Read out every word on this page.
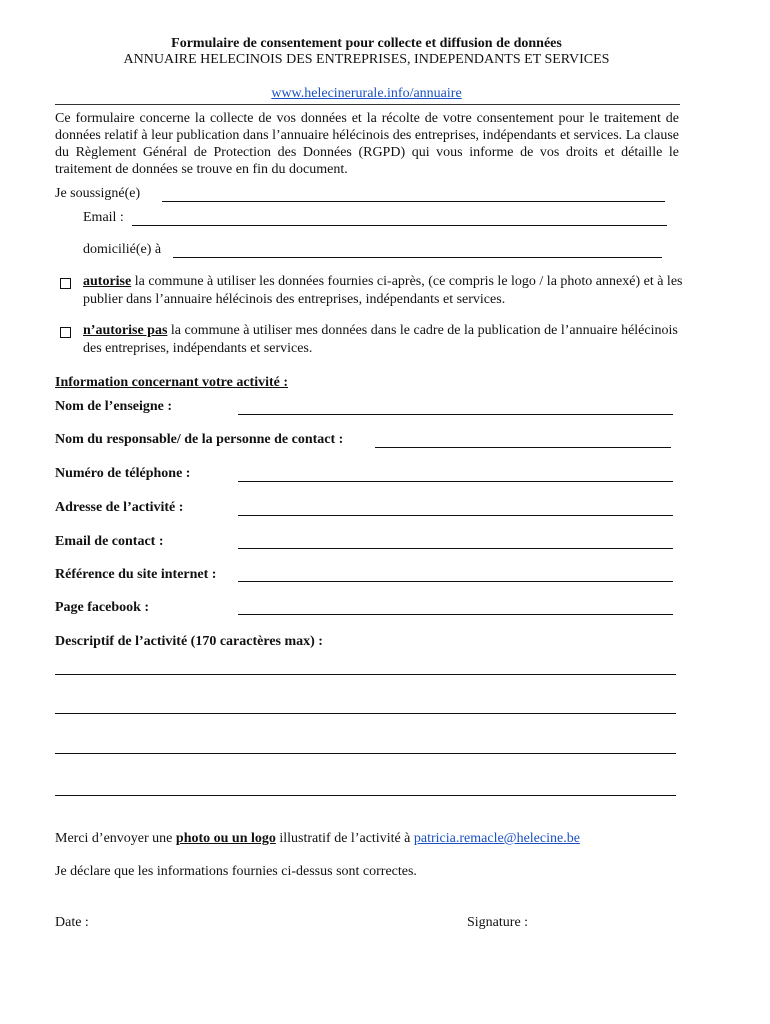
Formulaire de consentement pour collecte et diffusion de données
ANNUAIRE HELECINOIS DES ENTREPRISES, INDEPENDANTS ET SERVICES
www.helecinerurale.info/annuaire
Ce formulaire concerne la collecte de vos données et la récolte de votre consentement pour le traitement de données relatif à leur publication dans l’annuaire hélécinois des entreprises, indépendants et services. La clause du Règlement Général de Protection des Données (RGPD) qui vous informe de vos droits et détaille le traitement de données se trouve en fin du document.
Je soussigné(e)
Email :
domicilié(e) à
autorise la commune à utiliser les données fournies ci-après, (ce compris le logo / la photo annexé) et à les publier dans l’annuaire hélécinois des entreprises, indépendants et services.
n’autorise pas la commune à utiliser mes données dans le cadre de la publication de l’annuaire hélécinois des entreprises, indépendants et services.
Information concernant votre activité :
Nom de l’enseigne :
Nom du responsable/ de la personne de contact :
Numéro de téléphone :
Adresse de l’activité :
Email de contact :
Référence du site internet :
Page facebook :
Descriptif de l’activité (170 caractères max) :
Merci d’envoyer une photo ou un logo illustratif de l’activité à patricia.remacle@helecine.be
Je déclare que les informations fournies ci-dessus sont correctes.
Date :	Signature :
